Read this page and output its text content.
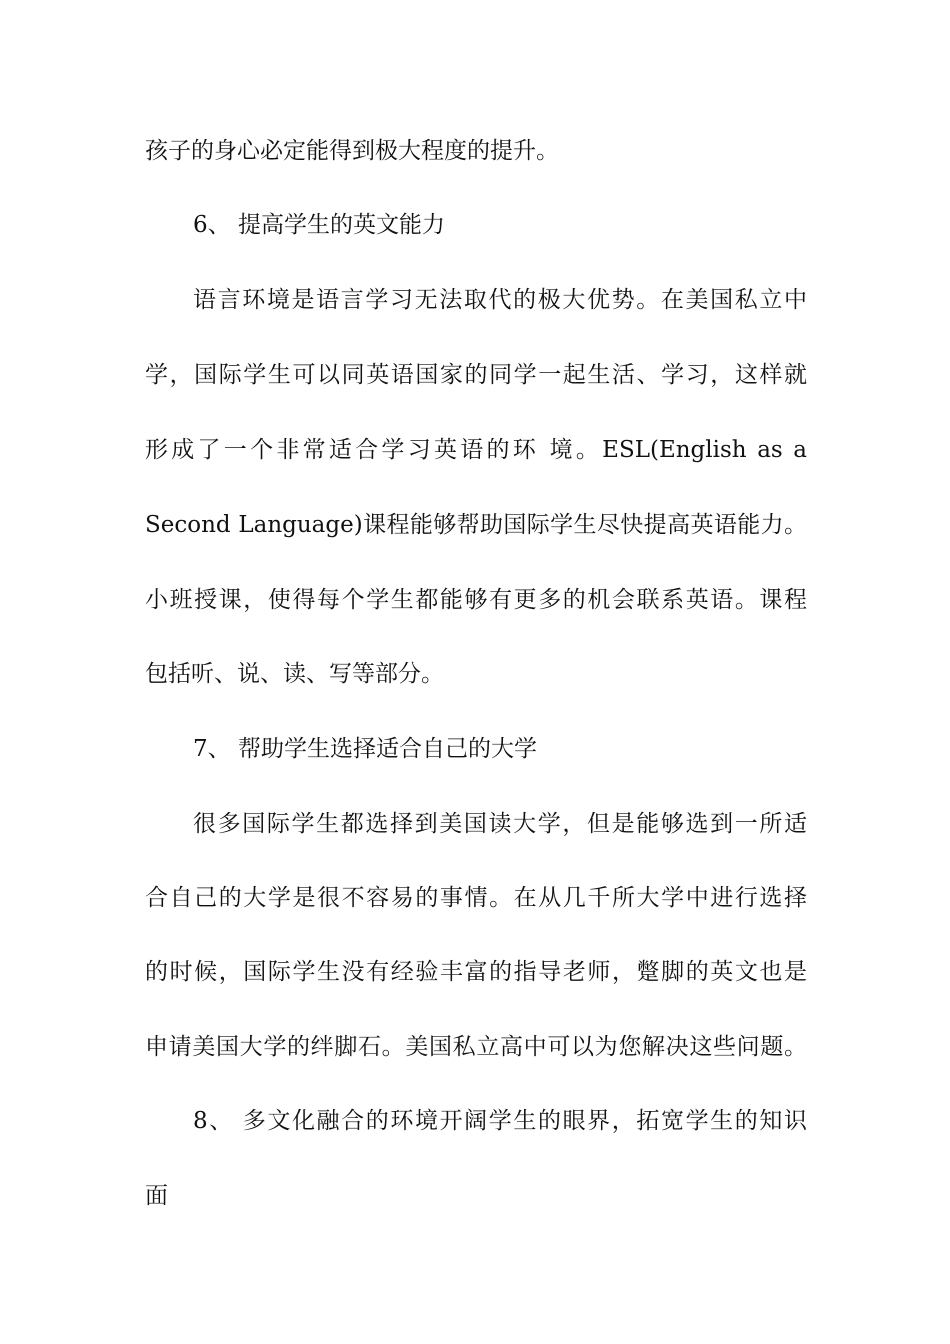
孩子的身心必定能得到极大程度的提升。
6、 提高学生的英文能力
语言环境是语言学习无法取代的极大优势。在美国私立中
学，国际学生可以同英语国家的同学一起生活、学习，这样就
形成了一个非常适合学习英语的环 境。ESL(English as a
Second Language)课程能够帮助国际学生尽快提高英语能力。
小班授课，使得每个学生都能够有更多的机会联系英语。课程
包括听、说、读、写等部分。
7、 帮助学生选择适合自己的大学
很多国际学生都选择到美国读大学，但是能够选到一所适
合自己的大学是很不容易的事情。在从几千所大学中进行选择
的时候，国际学生没有经验丰富的指导老师，蹩脚的英文也是
申请美国大学的绊脚石。美国私立高中可以为您解决这些问题。
8、 多文化融合的环境开阔学生的眼界，拓宽学生的知识
面
